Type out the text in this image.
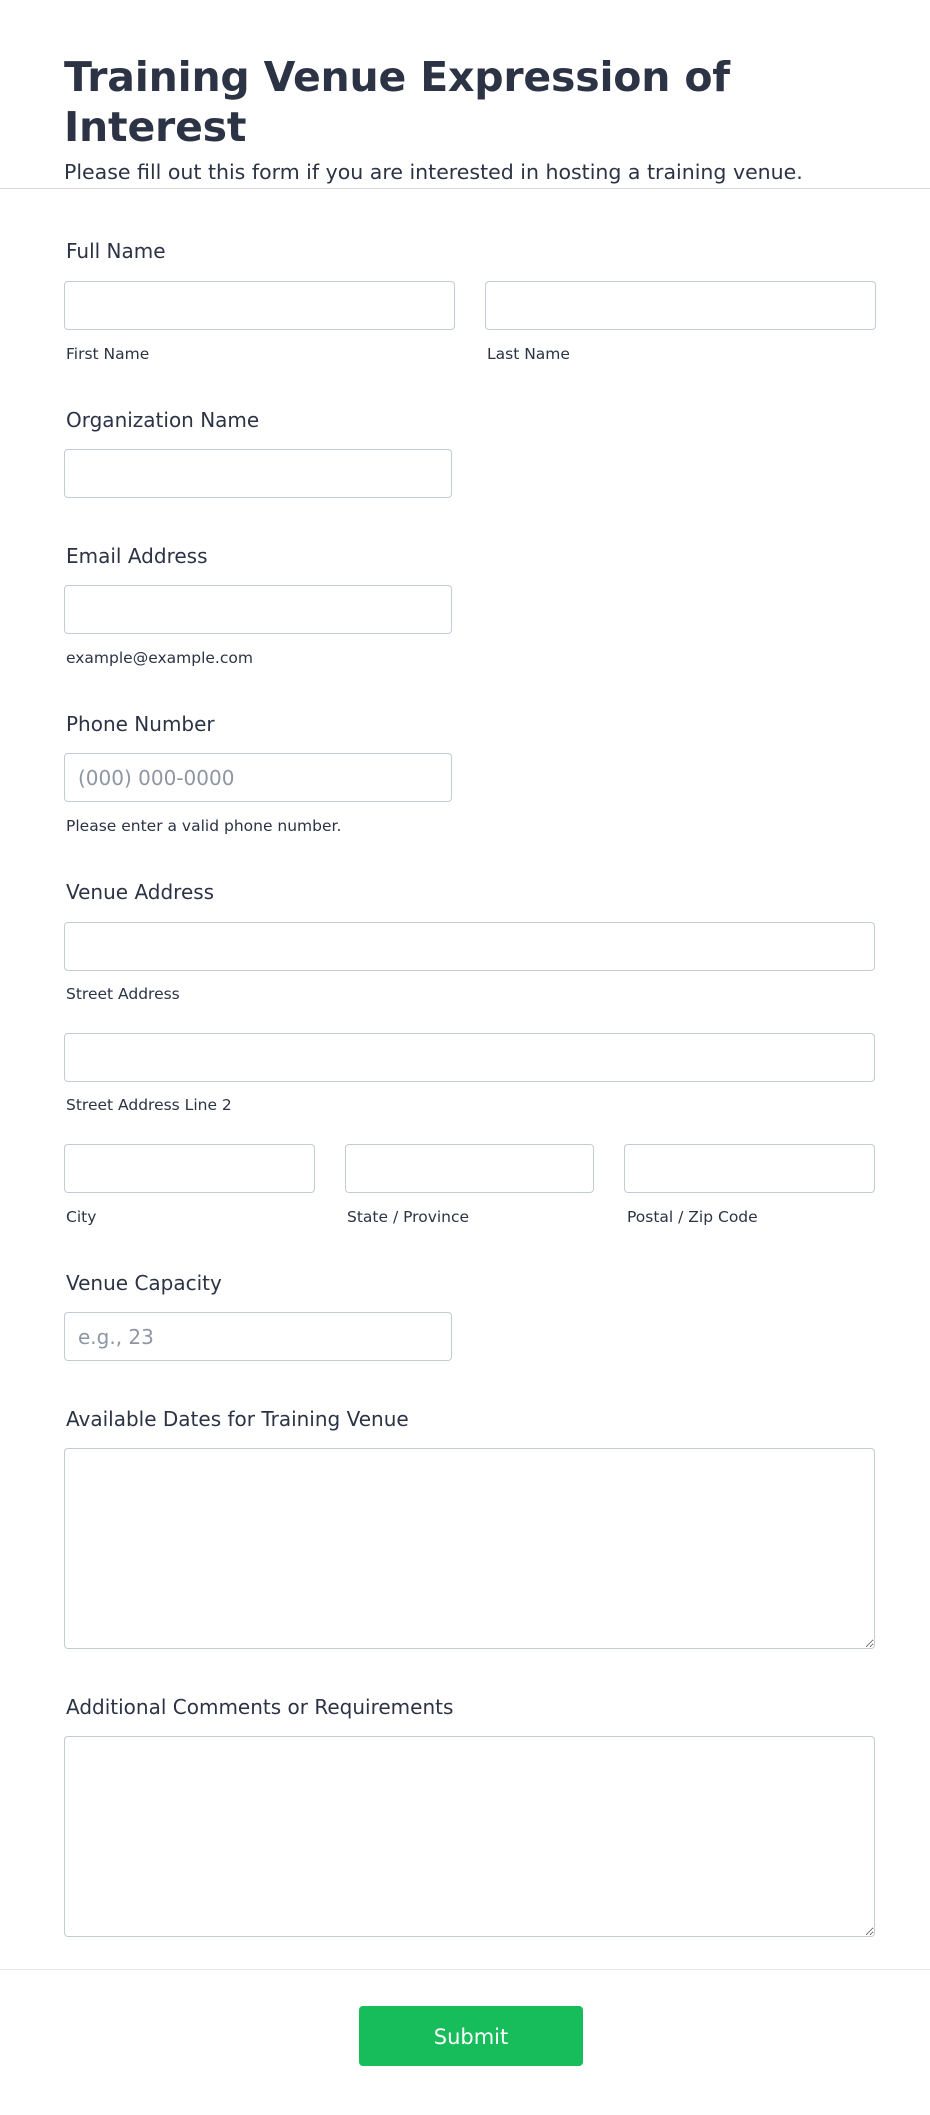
Training Venue Expression of Interest
Please fill out this form if you are interested in hosting a training venue.
Full Name
First Name	Last Name
Organization Name
Email Address
example@example.com
Phone Number
(000) 000-0000
Please enter a valid phone number.
Venue Address
Street Address
Street Address Line 2
City	State / Province	Postal / Zip Code
Venue Capacity
e.g., 23
Available Dates for Training Venue
Additional Comments or Requirements
Submit
